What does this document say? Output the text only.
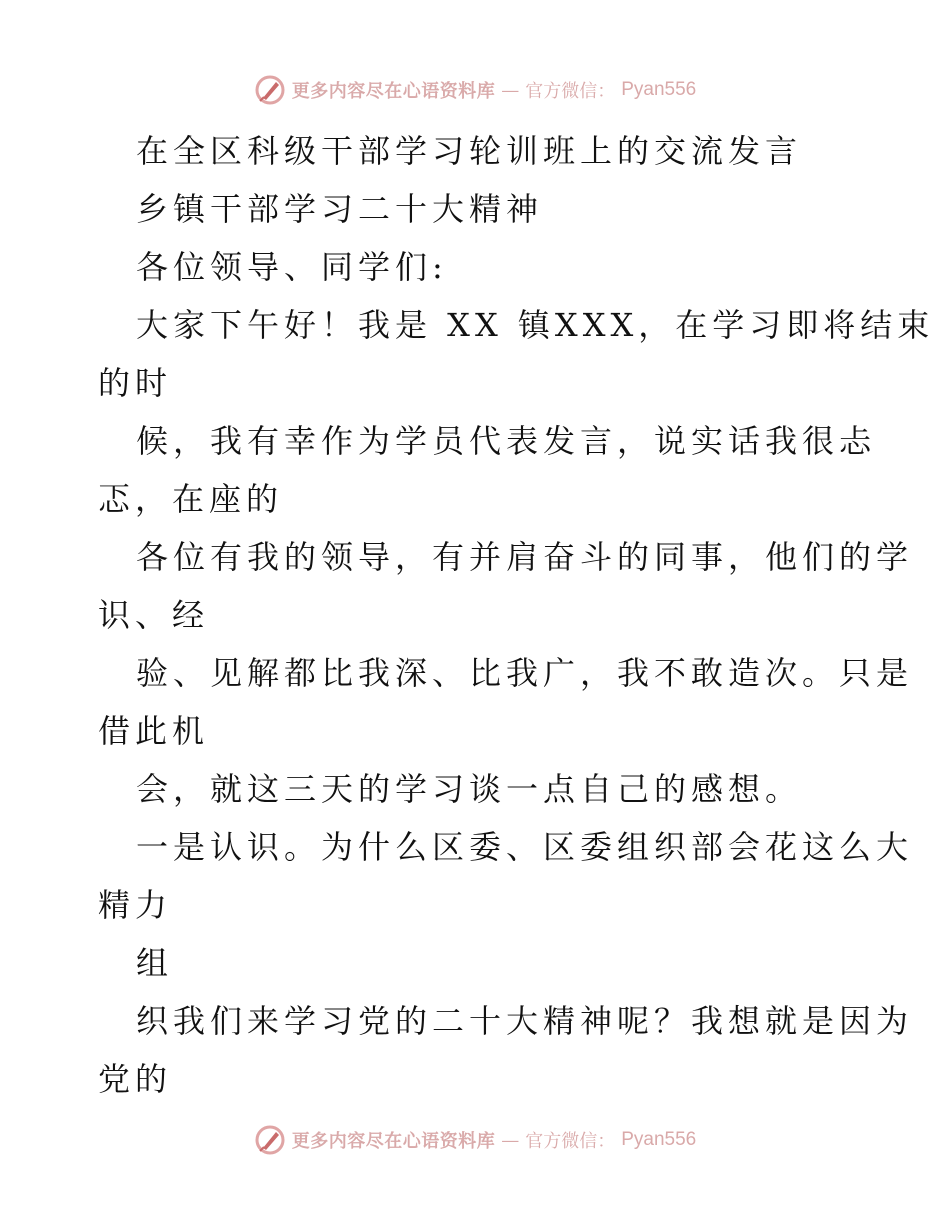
更多内容尽在心语资料库 — 官方微信： Pyan556
在全区科级干部学习轮训班上的交流发言
乡镇干部学习二十大精神
各位领导、同学们:
大家下午好！我是 XX 镇XXX，在学习即将结束
的时
候，我有幸作为学员代表发言，说实话我很忐
忑，在座的
各位有我的领导，有并肩奋斗的同事，他们的学
识、经
验、见解都比我深、比我广，我不敢造次。只是
借此机
会，就这三天的学习谈一点自己的感想。
一是认识。为什么区委、区委组织部会花这么大
精力
组
织我们来学习党的二十大精神呢？我想就是因为
党的
更多内容尽在心语资料库 — 官方微信： Pyan556
